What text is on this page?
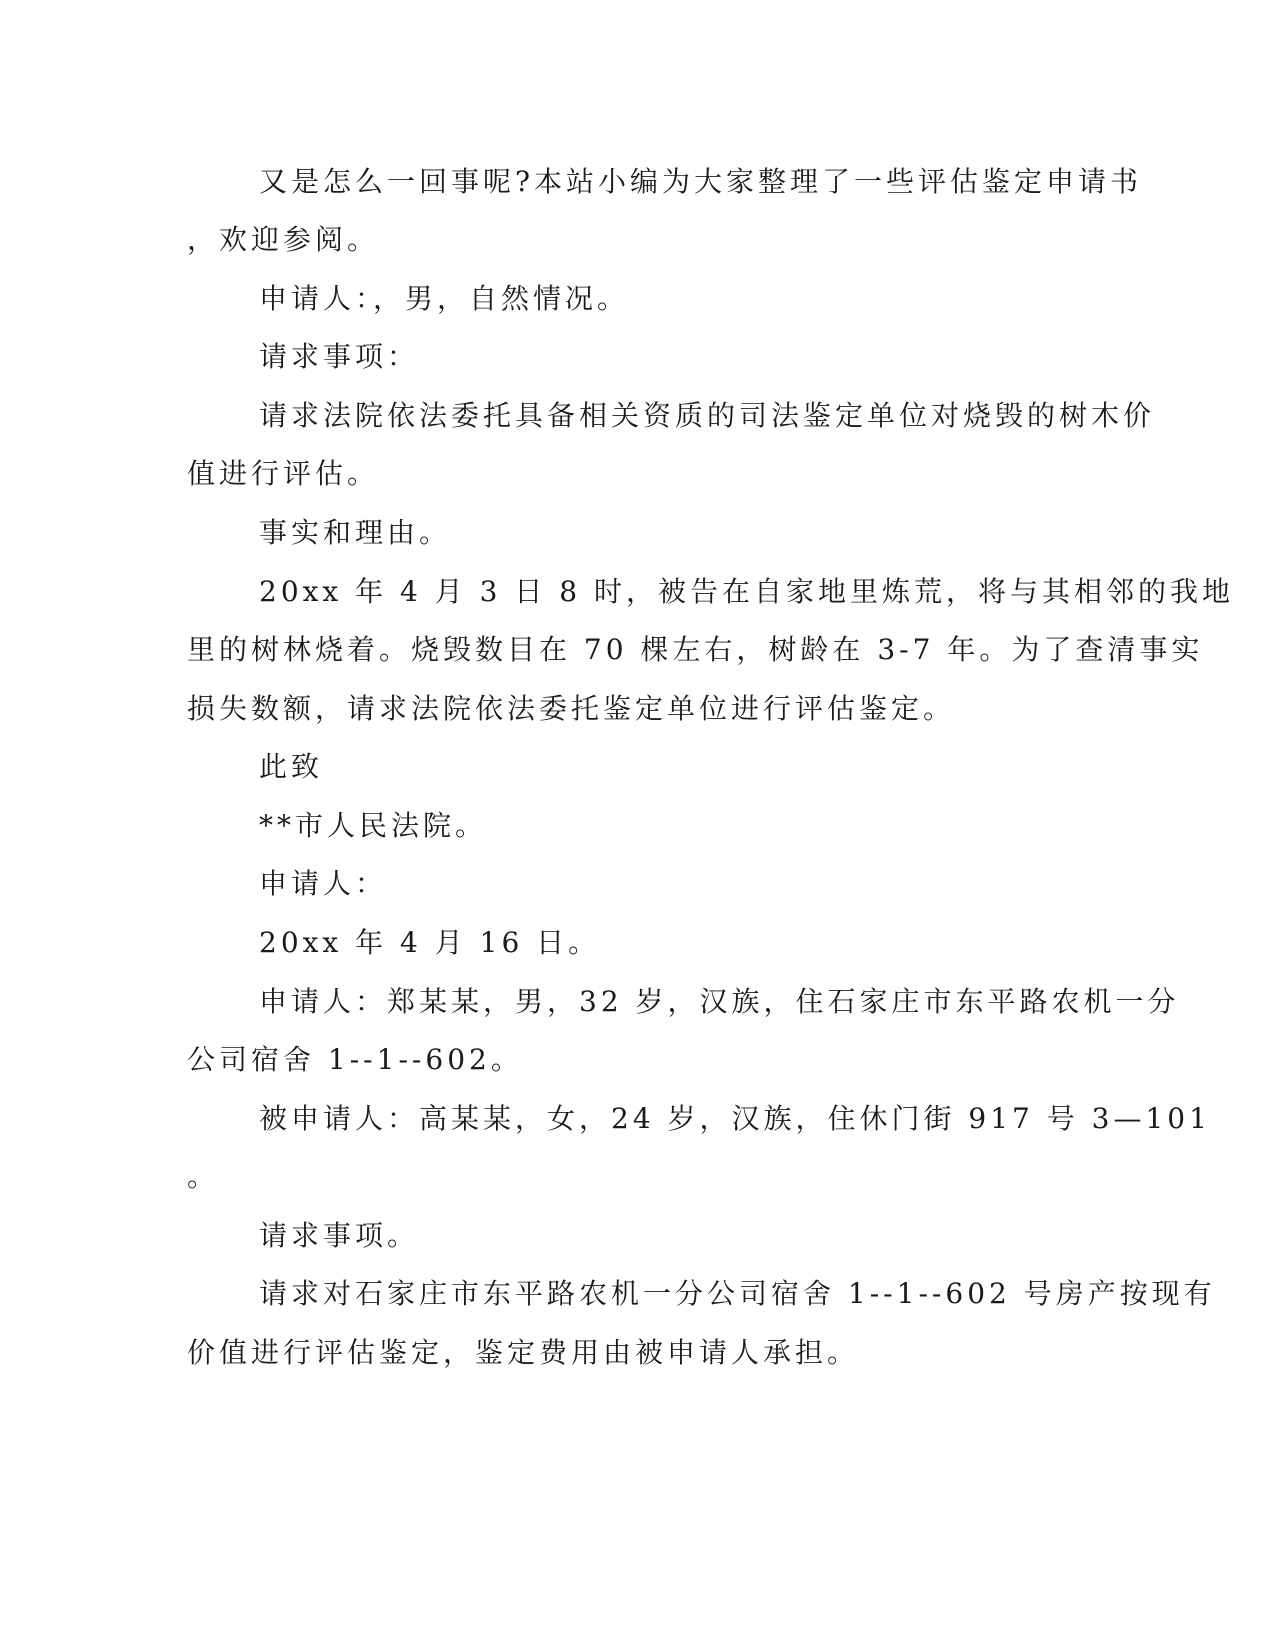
又是怎么一回事呢?本站小编为大家整理了一些评估鉴定申请书
，欢迎参阅。
申请人：，男，自然情况。
请求事项：
请求法院依法委托具备相关资质的司法鉴定单位对烧毁的树木价
值进行评估。
事实和理由。
20xx 年 4 月 3 日 8 时，被告在自家地里炼荒，将与其相邻的我地
里的树林烧着。烧毁数目在 70 棵左右，树龄在 3-7 年。为了查清事实
损失数额，请求法院依法委托鉴定单位进行评估鉴定。
此致
**市人民法院。
申请人：
20xx 年 4 月 16 日。
申请人：郑某某，男，32 岁，汉族，住石家庄市东平路农机一分
公司宿舍 1--1--602。
被申请人：高某某，女，24 岁，汉族，住休门街 917 号 3—101
。
请求事项。
请求对石家庄市东平路农机一分公司宿舍 1--1--602 号房产按现有
价值进行评估鉴定，鉴定费用由被申请人承担。
